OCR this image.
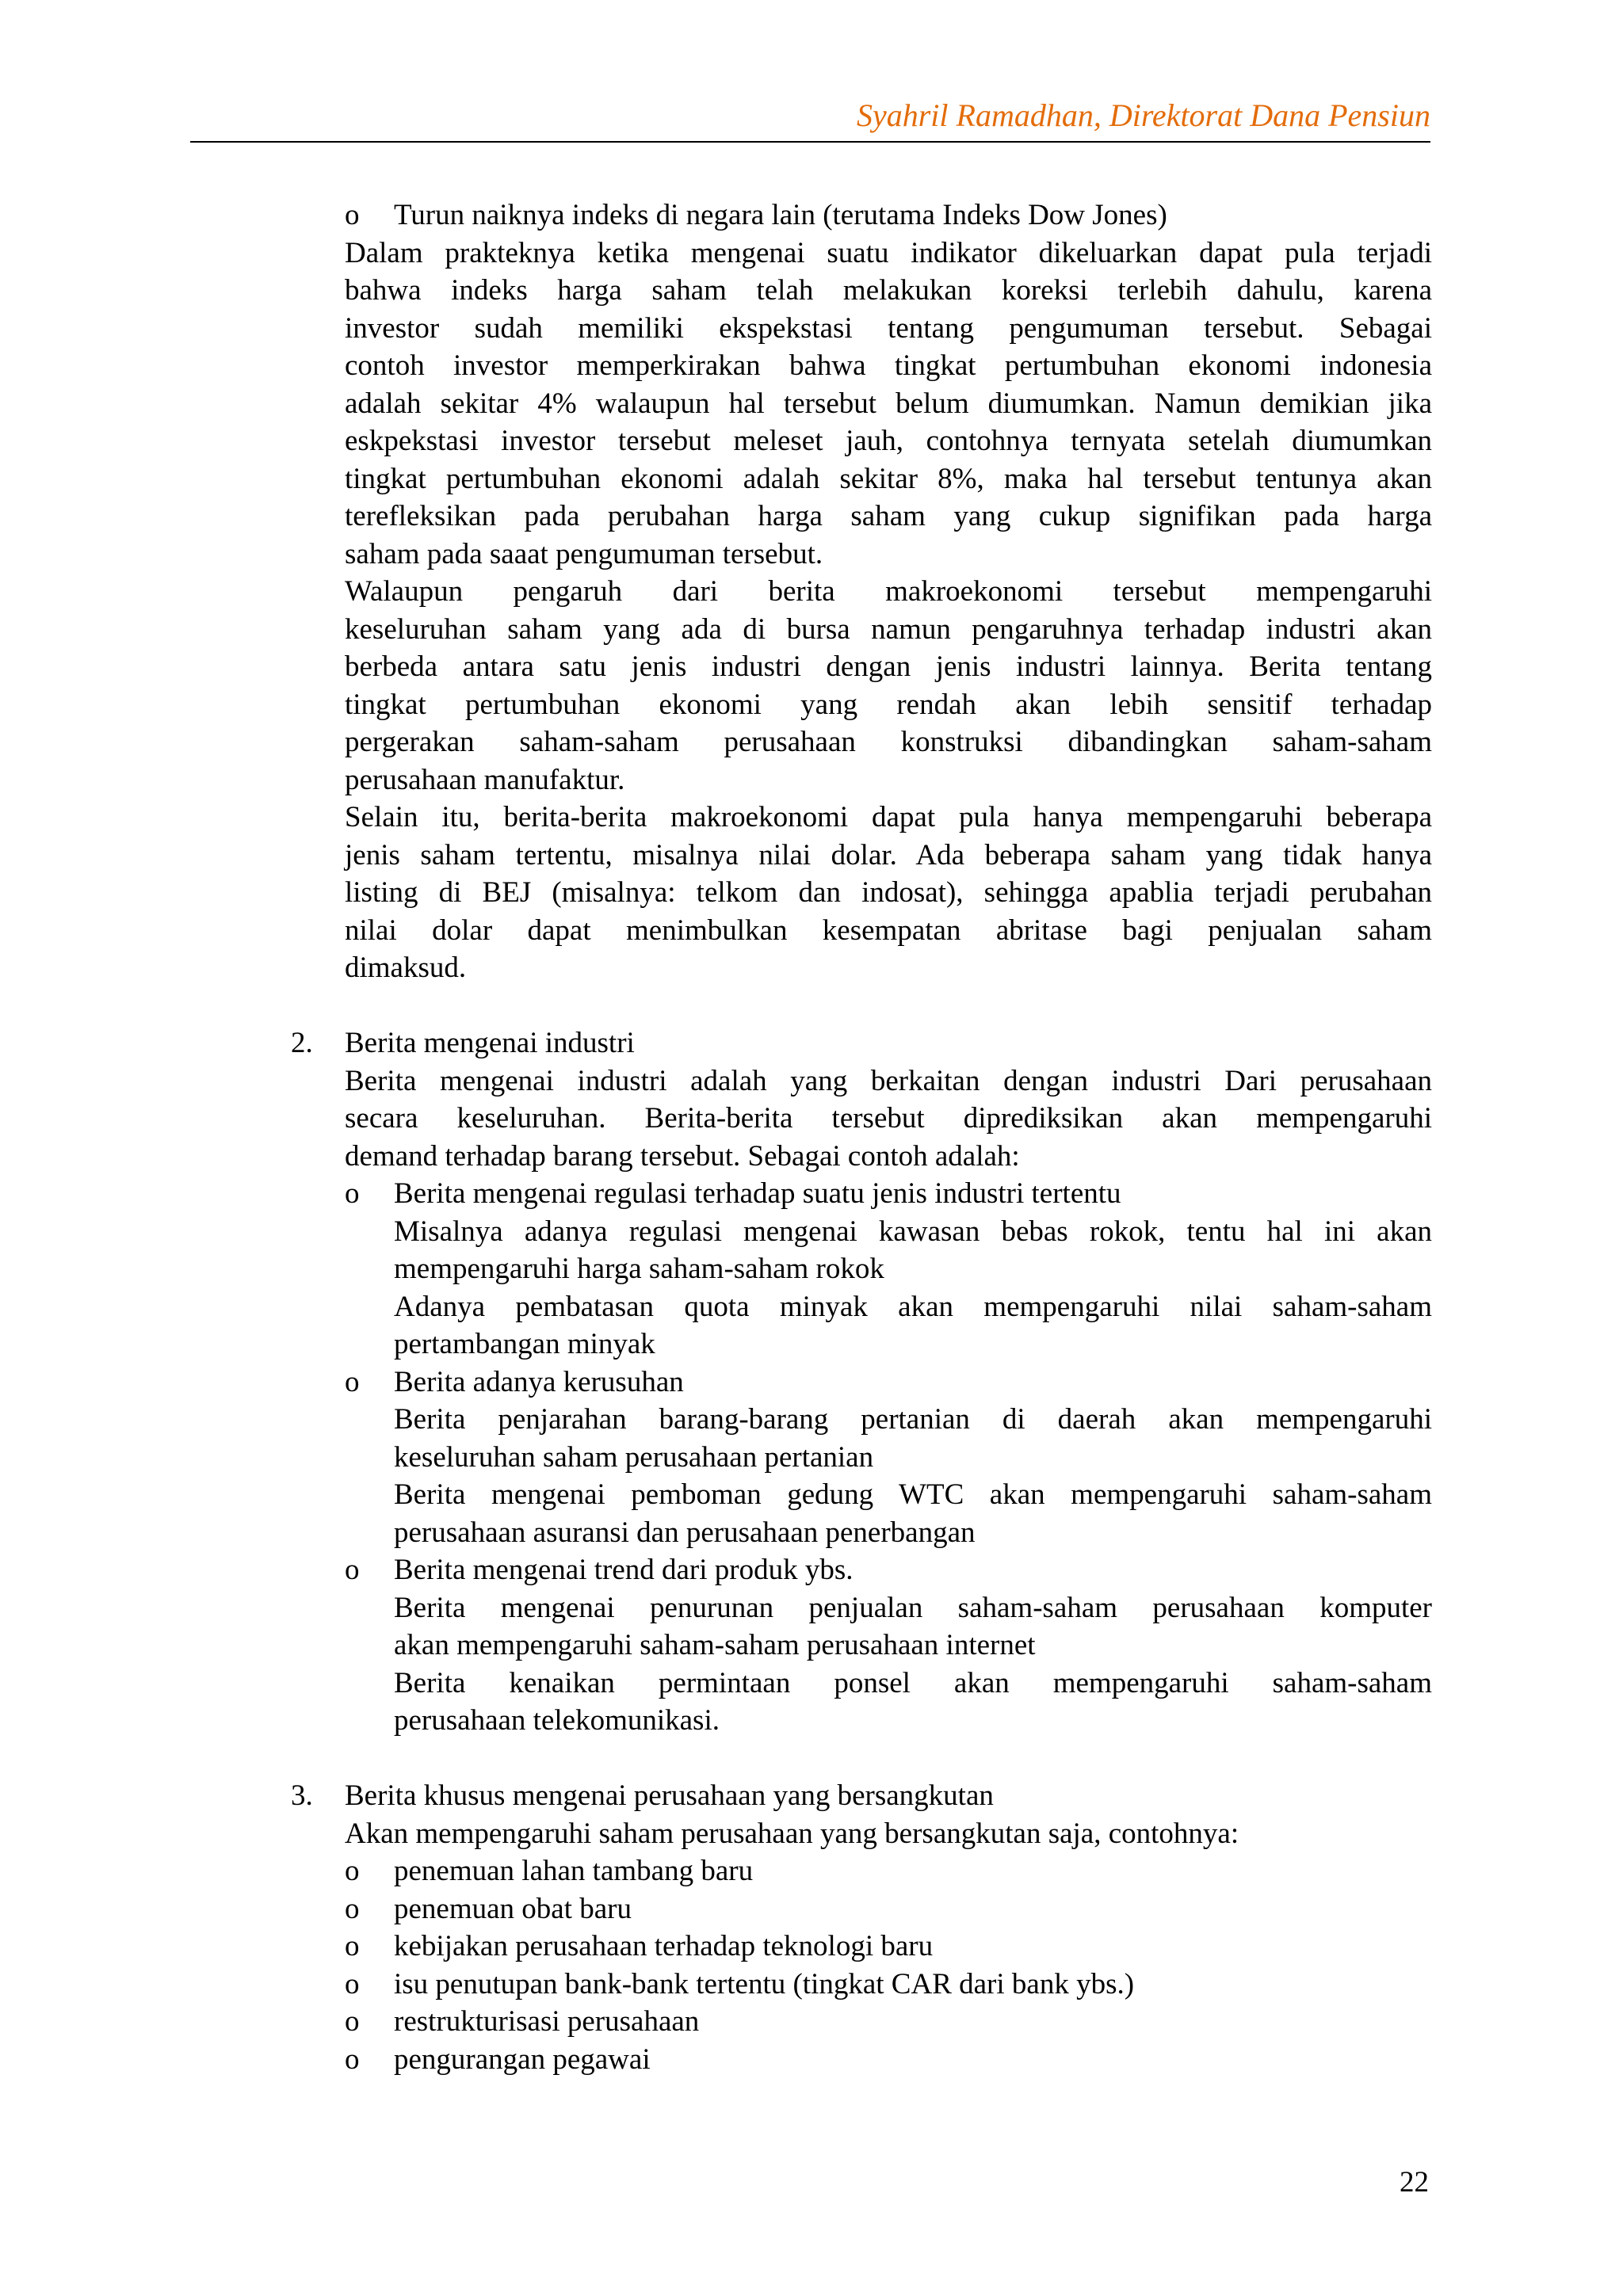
Syahril Ramadhan, Direktorat Dana Pensiun
o	Turun naiknya indeks di negara lain (terutama Indeks Dow Jones)
Dalam prakteknya ketika mengenai suatu indikator dikeluarkan dapat pula terjadi
bahwa indeks harga saham telah melakukan koreksi terlebih dahulu, karena
investor sudah memiliki ekspekstasi tentang pengumuman tersebut. Sebagai
contoh investor memperkirakan bahwa tingkat pertumbuhan ekonomi indonesia
adalah sekitar 4% walaupun hal tersebut belum diumumkan. Namun demikian jika
eskpekstasi investor tersebut meleset jauh, contohnya ternyata setelah diumumkan
tingkat pertumbuhan ekonomi adalah sekitar 8%, maka hal tersebut tentunya akan
terefleksikan pada perubahan harga saham yang cukup signifikan pada harga
saham pada saaat pengumuman tersebut.
Walaupun pengaruh dari berita makroekonomi tersebut mempengaruhi
keseluruhan saham yang ada di bursa namun pengaruhnya terhadap industri akan
berbeda antara satu jenis industri dengan jenis industri lainnya. Berita tentang
tingkat pertumbuhan ekonomi yang rendah akan lebih sensitif terhadap
pergerakan saham-saham perusahaan konstruksi dibandingkan saham-saham
perusahaan manufaktur.
Selain itu, berita-berita makroekonomi dapat pula hanya mempengaruhi beberapa
jenis saham tertentu, misalnya nilai dolar. Ada beberapa saham yang tidak hanya
listing di BEJ (misalnya: telkom dan indosat), sehingga apablia terjadi perubahan
nilai dolar dapat menimbulkan kesempatan abritase bagi penjualan saham
dimaksud.
2.	Berita mengenai industri
Berita mengenai industri adalah yang berkaitan dengan industri Dari perusahaan
secara keseluruhan. Berita-berita tersebut diprediksikan akan mempengaruhi
demand terhadap barang tersebut. Sebagai contoh adalah:
o	Berita mengenai regulasi terhadap suatu jenis industri tertentu
Misalnya adanya regulasi mengenai kawasan bebas rokok, tentu hal ini akan
mempengaruhi harga saham-saham rokok
Adanya pembatasan quota minyak akan mempengaruhi nilai saham-saham
pertambangan minyak
o	Berita adanya kerusuhan
Berita penjarahan barang-barang pertanian di daerah akan mempengaruhi
keseluruhan saham perusahaan pertanian
Berita mengenai pemboman gedung WTC akan mempengaruhi saham-saham
perusahaan asuransi dan perusahaan penerbangan
o	Berita mengenai trend dari produk ybs.
Berita mengenai penurunan penjualan saham-saham perusahaan komputer
akan mempengaruhi saham-saham perusahaan internet
Berita kenaikan permintaan ponsel akan mempengaruhi saham-saham
perusahaan telekomunikasi.
3.	Berita khusus mengenai perusahaan yang bersangkutan
Akan mempengaruhi saham perusahaan yang bersangkutan saja, contohnya:
o	penemuan lahan tambang baru
o	penemuan obat baru
o	kebijakan perusahaan terhadap teknologi baru
o	isu penutupan bank-bank tertentu (tingkat CAR dari bank ybs.)
o	restrukturisasi perusahaan
o	pengurangan pegawai
22
